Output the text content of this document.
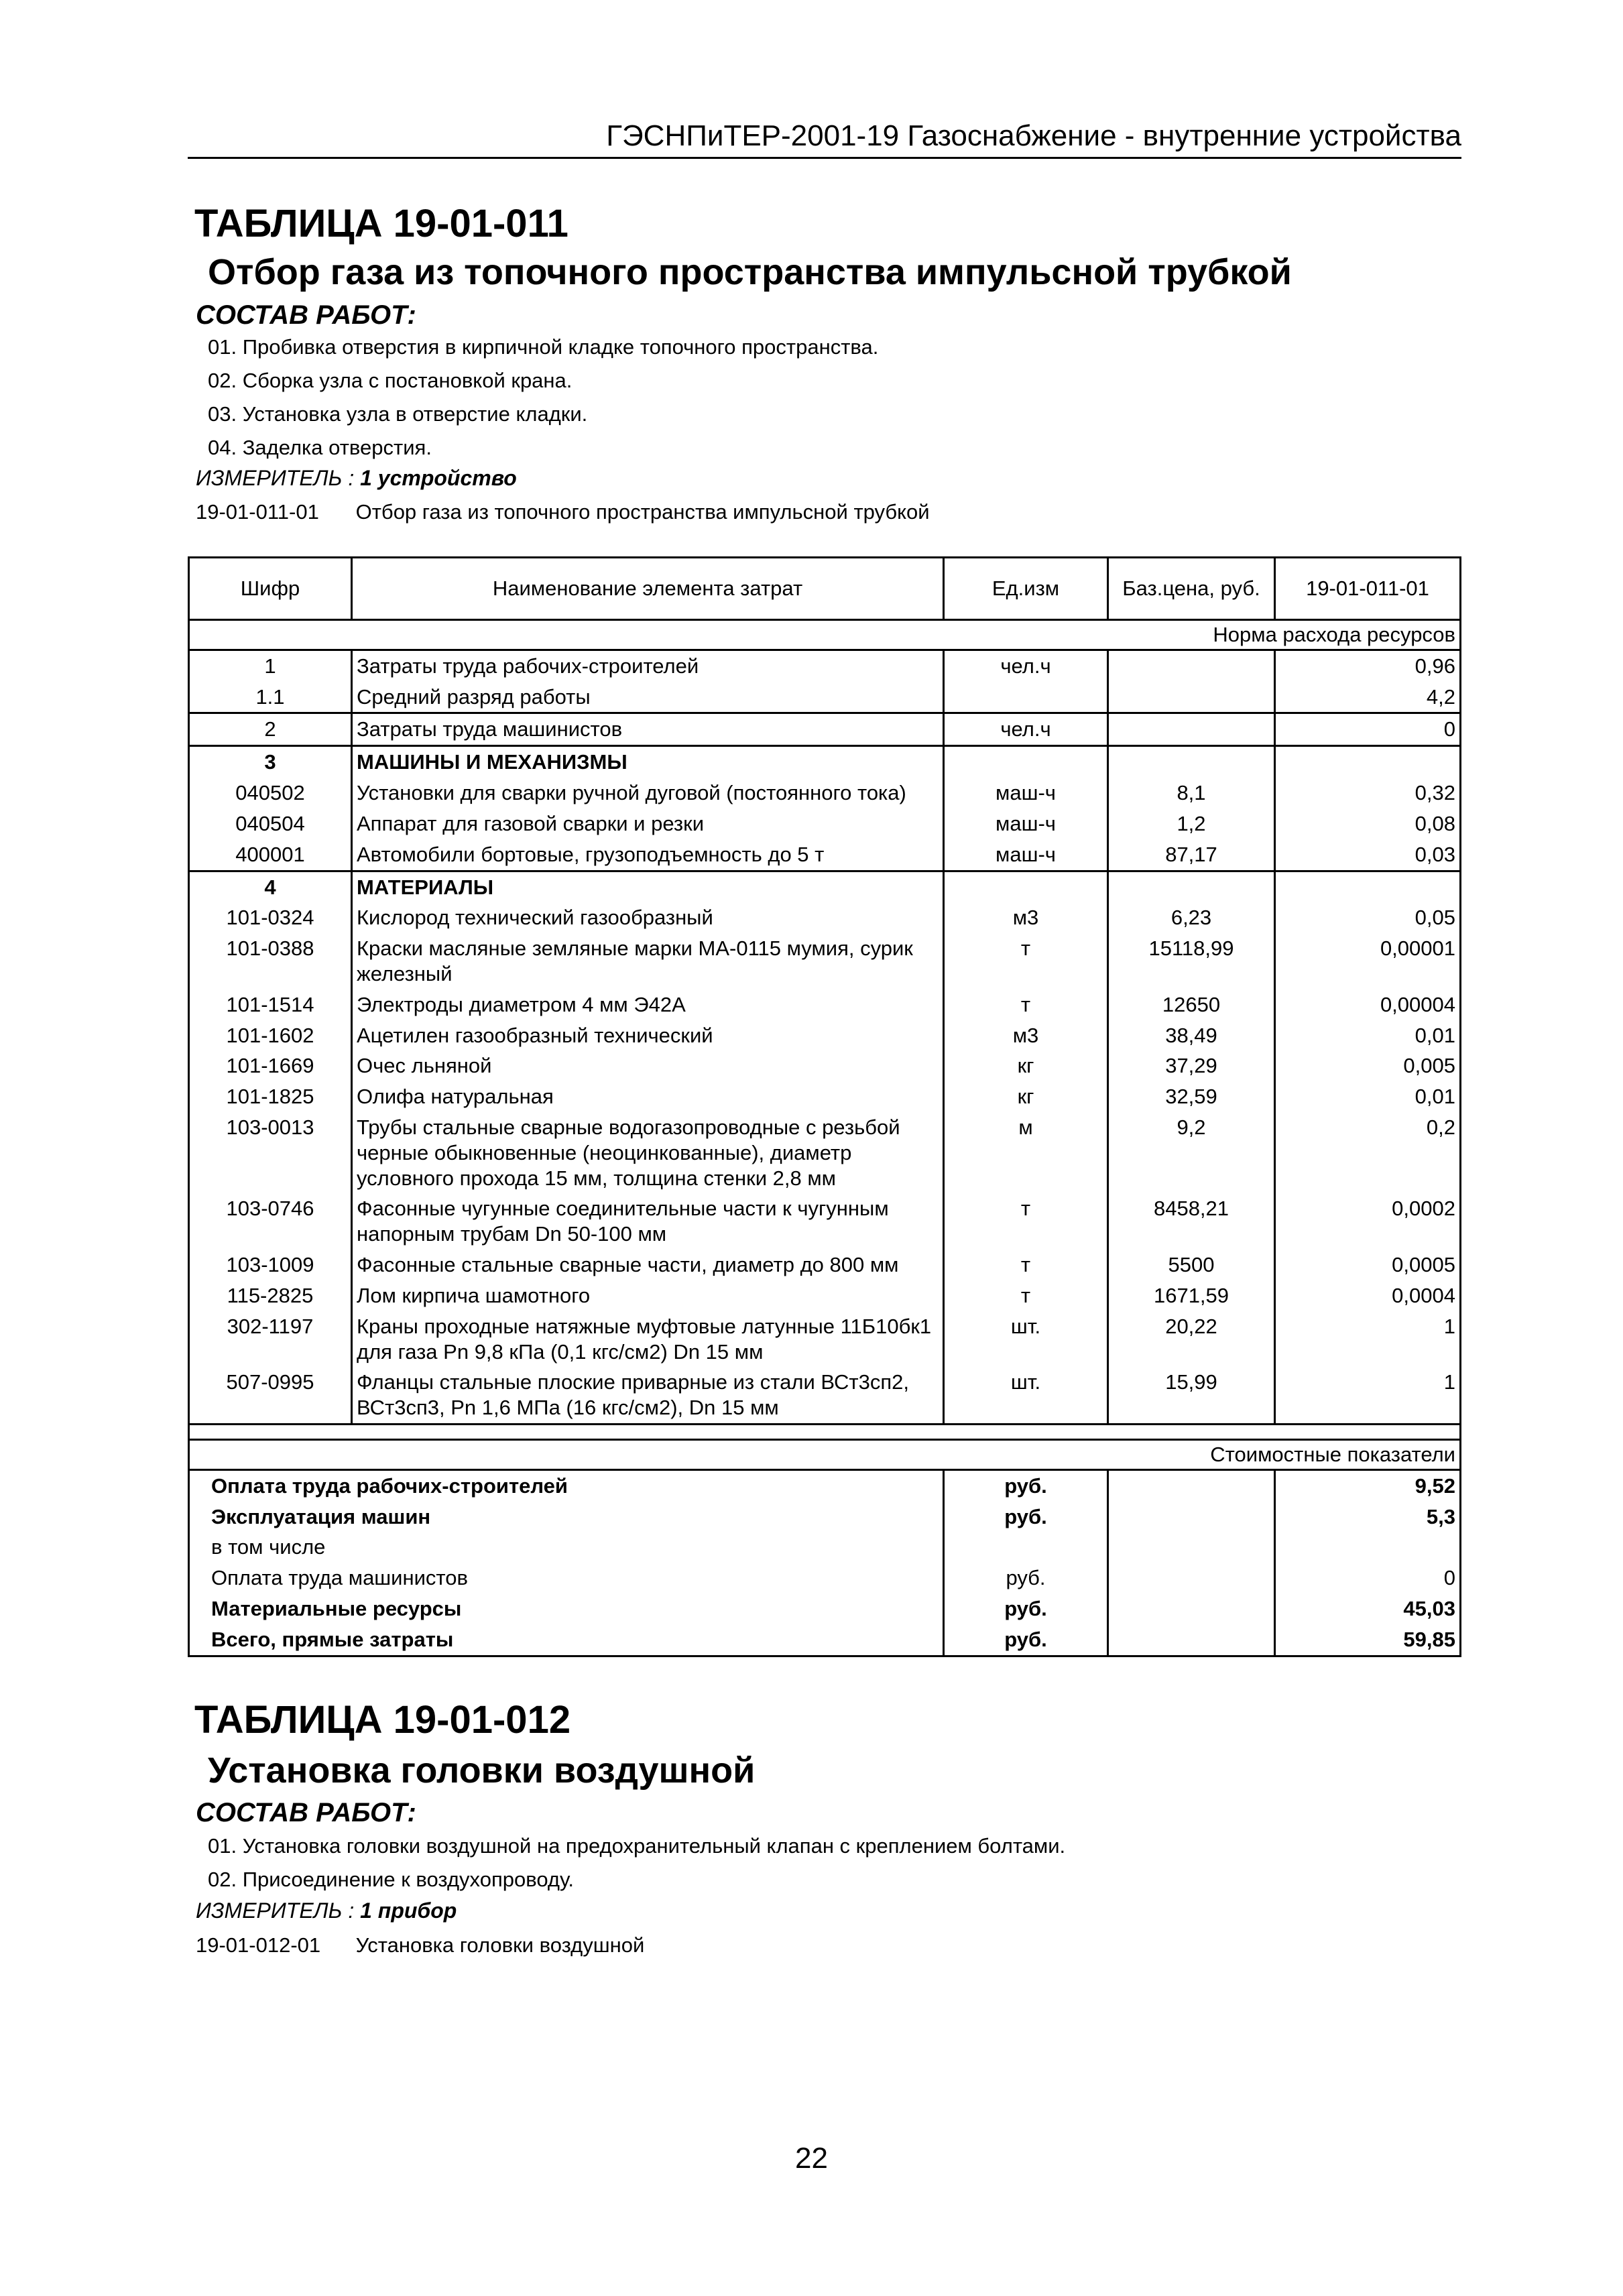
ГЭСНПиТЕР-2001-19 Газоснабжение - внутренние устройства
ТАБЛИЦА 19-01-011
Отбор газа из топочного пространства импульсной трубкой
СОСТАВ РАБОТ:
01. Пробивка отверстия в кирпичной кладке топочного пространства.
02. Сборка узла с постановкой крана.
03. Установка узла в отверстие кладки.
04. Заделка отверстия.
ИЗМЕРИТЕЛЬ : 1 устройство
19-01-011-01 Отбор газа из топочного пространства импульсной трубкой
Шифр	Наименование элемента затрат	Ед.изм	Баз.цена, руб.	19-01-011-01
Норма расхода ресурсов				
1	Затраты труда рабочих-строителей	чел.ч		0,96
1.1	Средний разряд работы			4,2
2	Затраты труда машинистов	чел.ч		0
3	МАШИНЫ И МЕХАНИЗМЫ			
040502	Установки для сварки ручной дуговой (постоянного тока)	маш-ч	8,1	0,32
040504	Аппарат для газовой сварки и резки	маш-ч	1,2	0,08
400001	Автомобили бортовые, грузоподъемность до 5 т	маш-ч	87,17	0,03
4	МАТЕРИАЛЫ			
101-0324	Кислород технический газообразный	м3	6,23	0,05
101-0388	Краски масляные земляные марки МА-0115 мумия, сурик железный	т	15118,99	0,00001
101-1514	Электроды диаметром 4 мм Э42А	т	12650	0,00004
101-1602	Ацетилен газообразный технический	м3	38,49	0,01
101-1669	Очес льняной	кг	37,29	0,005
101-1825	Олифа натуральная	кг	32,59	0,01
103-0013	Трубы стальные сварные водогазопроводные с резьбой черные обыкновенные (неоцинкованные), диаметр условного прохода 15 мм, толщина стенки 2,8 мм	м	9,2	0,2
103-0746	Фасонные чугунные соединительные части к чугунным напорным трубам Dn 50-100 мм	т	8458,21	0,0002
103-1009	Фасонные стальные сварные части, диаметр до 800 мм	т	5500	0,0005
115-2825	Лом кирпича шамотного	т	1671,59	0,0004
302-1197	Краны проходные натяжные муфтовые латунные 11Б10бк1 для газа Pn 9,8 кПа (0,1 кгс/см2) Dn 15 мм	шт.	20,22	1
507-0995	Фланцы стальные плоские приварные из стали ВСт3сп2, ВСт3сп3, Pn 1,6 МПа (16 кгс/см2), Dn 15 мм	шт.	15,99	1

Стоимостные показатели				
Оплата труда рабочих-строителей		руб.		9,52
Эксплуатация машин		руб.		5,3
в том числе				
Оплата труда машинистов		руб.		0
Материальные ресурсы		руб.		45,03
Всего, прямые затраты		руб.		59,85
ТАБЛИЦА 19-01-012
Установка головки воздушной
СОСТАВ РАБОТ:
01. Установка головки воздушной на предохранительный клапан с креплением болтами.
02. Присоединение к воздухопроводу.
ИЗМЕРИТЕЛЬ : 1 прибор
19-01-012-01 Установка головки воздушной
22
